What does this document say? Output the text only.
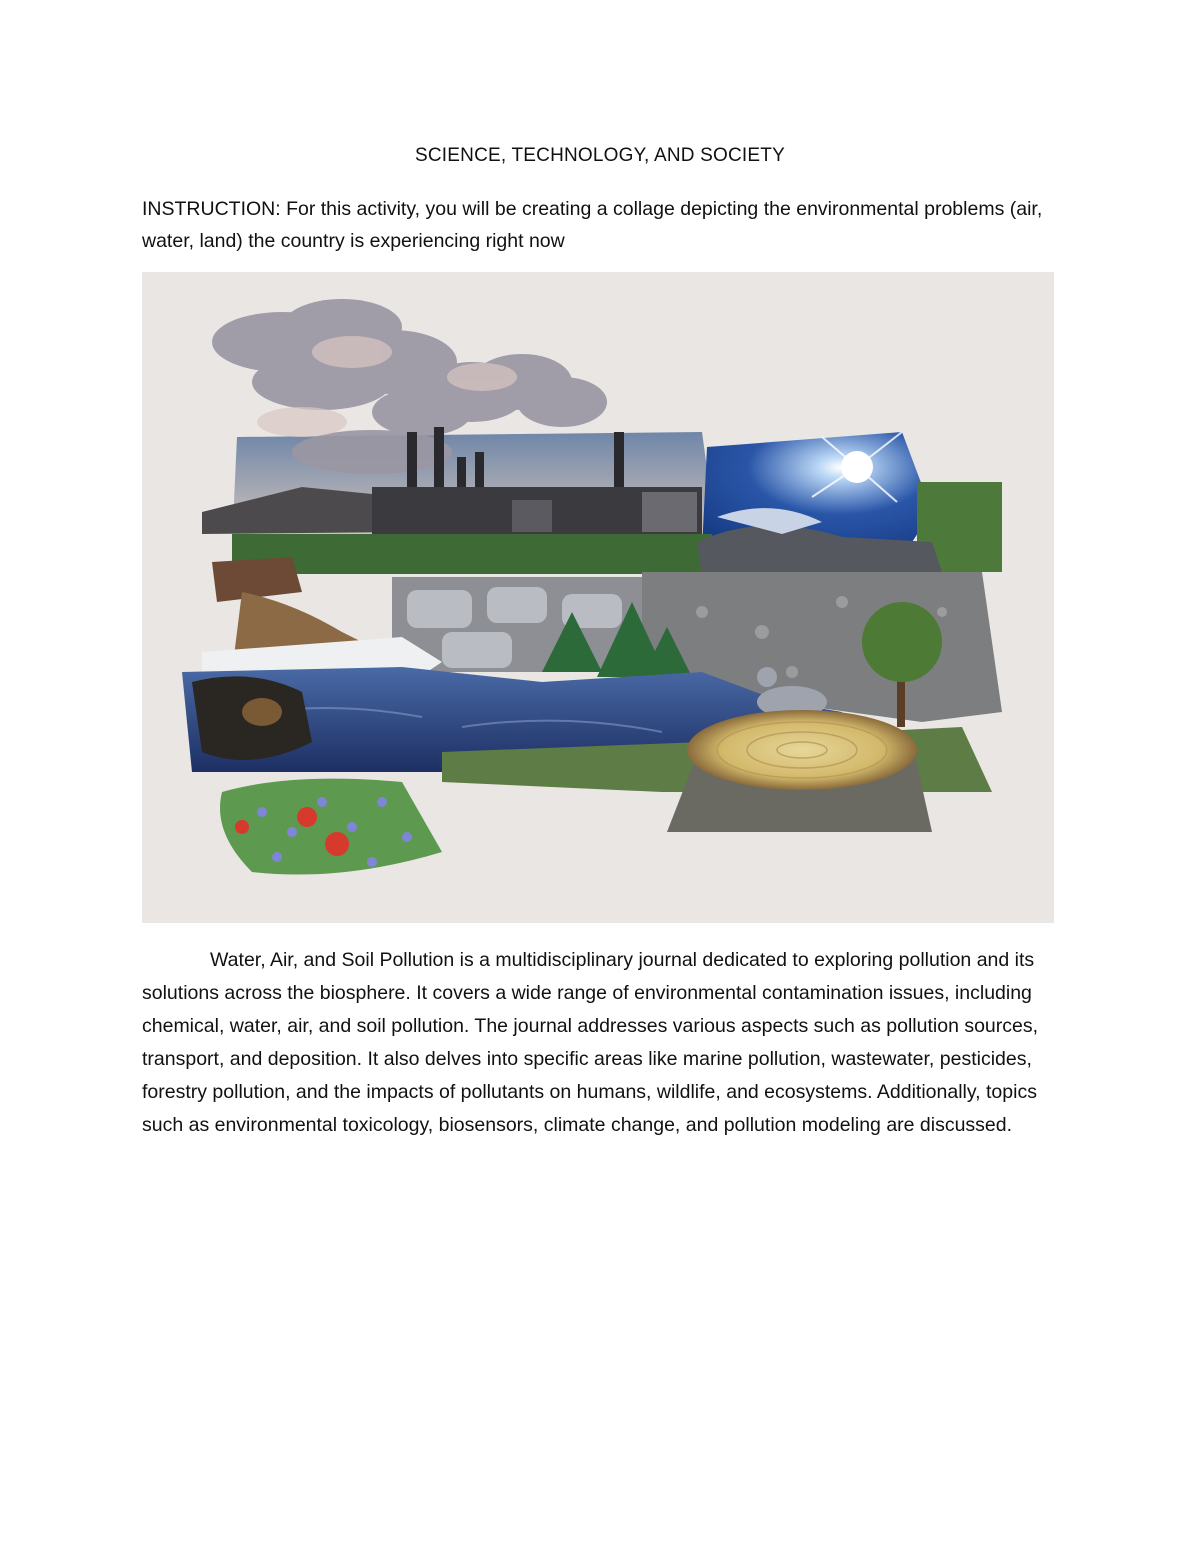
SCIENCE, TECHNOLOGY, AND SOCIETY
INSTRUCTION: For this activity, you will be creating a collage depicting the environmental problems (air, water, land) the country is experiencing right now
Water, Air, and Soil Pollution is a multidisciplinary journal dedicated to exploring pollution and its solutions across the biosphere. It covers a wide range of environmental contamination issues, including chemical, water, air, and soil pollution. The journal addresses various aspects such as pollution sources, transport, and deposition. It also delves into specific areas like marine pollution, wastewater, pesticides, forestry pollution, and the impacts of pollutants on humans, wildlife, and ecosystems. Additionally, topics such as environmental toxicology, biosensors, climate change, and pollution modeling are discussed.
